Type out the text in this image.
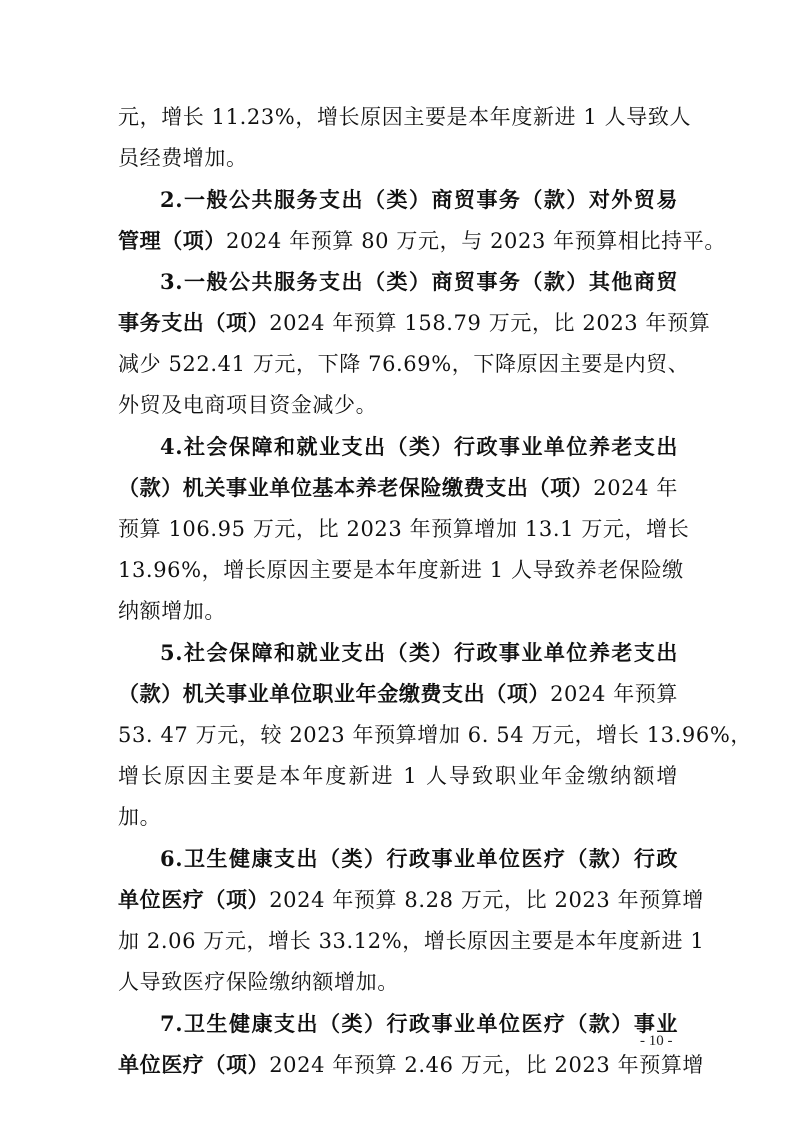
元，增长 11.23%，增长原因主要是本年度新进 1 人导致人
员经费增加。
2.一般公共服务支出（类）商贸事务（款）对外贸易
管理（项）2024 年预算 80 万元，与 2023 年预算相比持平。
3.一般公共服务支出（类）商贸事务（款）其他商贸
事务支出（项）2024 年预算 158.79 万元，比 2023 年预算
减少 522.41 万元，下降 76.69%，下降原因主要是内贸、
外贸及电商项目资金减少。
4.社会保障和就业支出（类）行政事业单位养老支出
（款）机关事业单位基本养老保险缴费支出（项）2024 年
预算 106.95 万元，比 2023 年预算增加 13.1 万元，增长
13.96%，增长原因主要是本年度新进 1 人导致养老保险缴
纳额增加。
5.社会保障和就业支出（类）行政事业单位养老支出
（款）机关事业单位职业年金缴费支出（项）2024 年预算
53. 47 万元，较 2023 年预算增加 6. 54 万元，增长 13.96%，
增长原因主要是本年度新进 1 人导致职业年金缴纳额增
加。
6.卫生健康支出（类）行政事业单位医疗（款）行政
单位医疗（项）2024 年预算 8.28 万元，比 2023 年预算增
加 2.06 万元，增长 33.12%，增长原因主要是本年度新进 1
人导致医疗保险缴纳额增加。
7.卫生健康支出（类）行政事业单位医疗（款）事业
单位医疗（项）2024 年预算 2.46 万元，比 2023 年预算增
- 10 -
